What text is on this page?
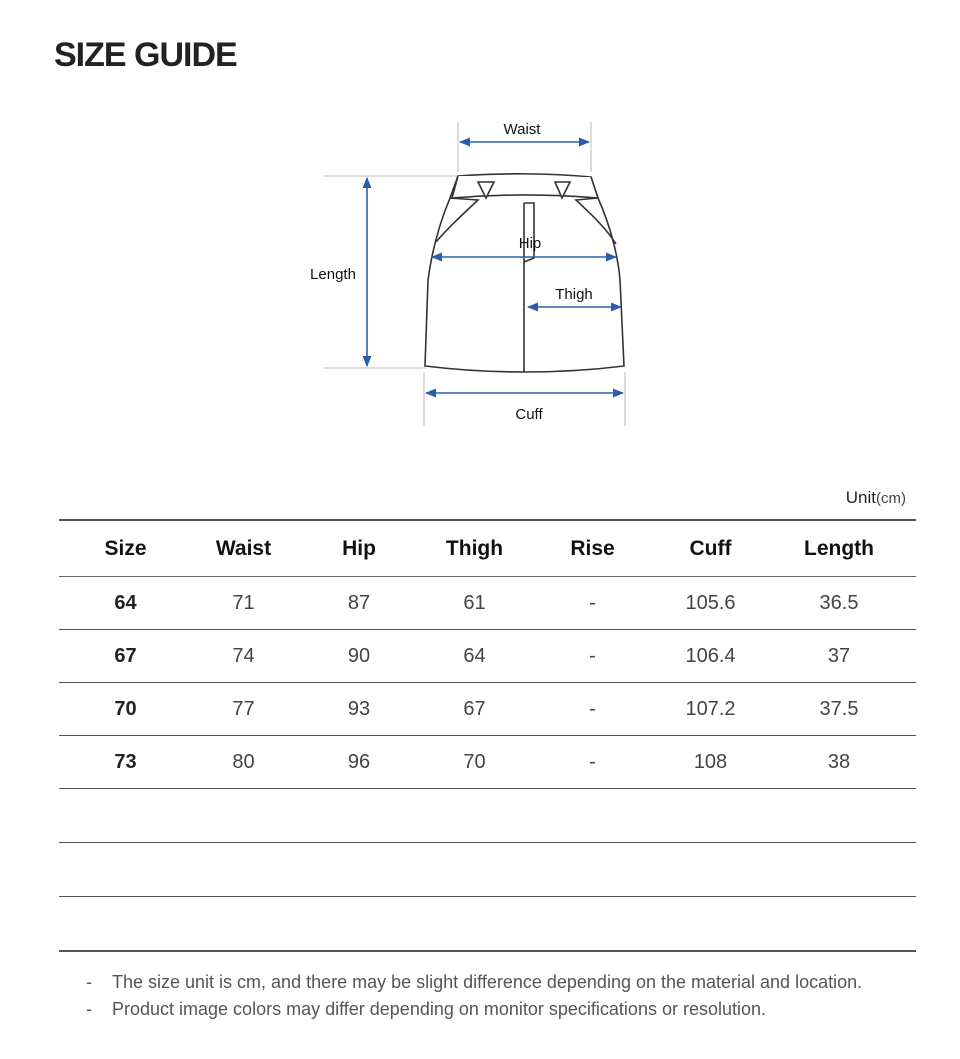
SIZE GUIDE
Waist
Hip
Thigh
Length
Cuff
Unit(cm)
Size	Waist	Hip	Thigh	Rise	Cuff	Length
64	71	87	61	-	105.6	36.5
67	74	90	64	-	106.4	37
70	77	93	67	-	107.2	37.5
73	80	96	70	-	108	38

-	The size unit is cm, and there may be slight difference depending on the material and location.
-	Product image colors may differ depending on monitor specifications or resolution.
